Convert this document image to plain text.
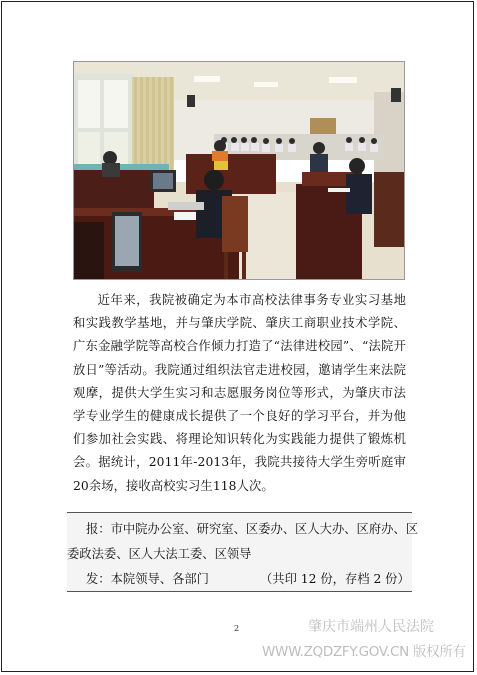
近年来，我院被确定为本市高校法律事务专业实习基地和实践教学基地，并与肇庆学院、肇庆工商职业技术学院、广东金融学院等高校合作倾力打造了“法律进校园”、“法院开放日”等活动。我院通过组织法官走进校园，邀请学生来法院观摩，提供大学生实习和志愿服务岗位等形式，为肇庆市法学专业学生的健康成长提供了一个良好的学习平台，并为他们参加社会实践、将理论知识转化为实践能力提供了锻炼机会。据统计，2011年-2013年，我院共接待大学生旁听庭审20余场，接收高校实习生118人次。
报：市中院办公室、研究室、区委办、区人大办、区府办、区
委政法委、区人大法工委、区领导
发：本院领导、各部门	（共印 12 份，存档 2 份）
2	肇庆市端州人民法院
WWW.ZQDZFY.GOV.CN 版权所有
